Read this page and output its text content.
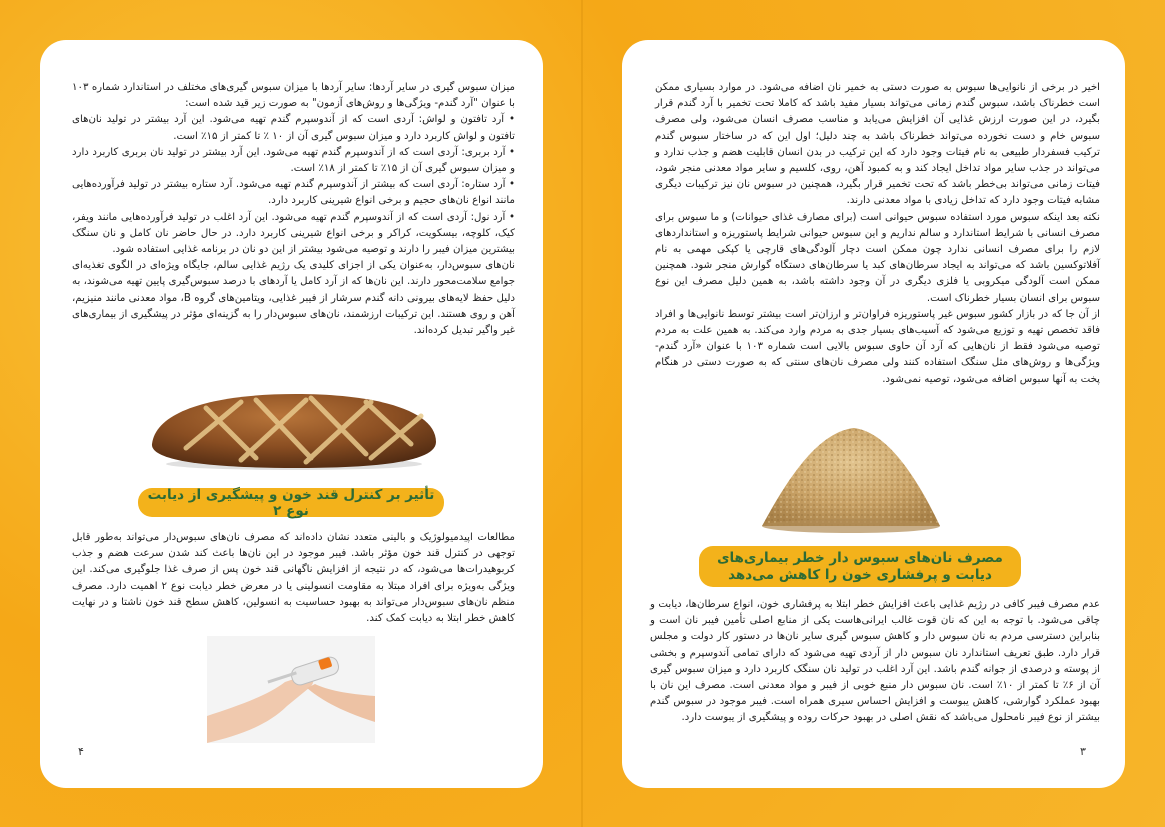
اخیر در برخی از نانوایی‌ها سبوس به صورت دستی به خمیر نان اضافه می‌شود. در موارد بسیاری ممکن است خطرناک باشد، سبوس گندم زمانی می‌تواند بسیار مفید باشد که کاملا تحت تخمیر با آرد گندم قرار بگیرد، در این صورت ارزش غذایی آن افزایش می‌یابد و مناسب مصرف انسان می‌شود، ولی مصرف سبوس خام و دست نخورده می‌تواند خطرناک باشد به چند دلیل؛ اول این که در ساختار سبوس گندم ترکیب فسفردار طبیعی به نام فیتات وجود دارد که این ترکیب در بدن انسان قابلیت هضم و جذب ندارد و می‌تواند در جذب سایر مواد تداخل ایجاد کند و به کمبود آهن، روی، کلسیم و سایر مواد معدنی منجر شود، فیتات زمانی می‌تواند بی‌خطر باشد که تحت تخمیر قرار بگیرد، همچنین در سبوس نان نیز ترکیبات دیگری مشابه فیتات وجود دارد که تداخل زیادی با مواد معدنی دارند.

نکته بعد اینکه سبوس مورد استفاده سبوس حیوانی است (برای مصارف غذای حیوانات) و ما سبوس برای مصرف انسانی با شرایط استاندارد و سالم نداریم و این سبوس حیوانی شرایط پاستوریزه و استانداردهای لازم را برای مصرف انسانی ندارد چون ممکن است دچار آلودگی‌های قارچی یا کپکی مهمی به نام آفلاتوکسین باشد که می‌تواند به ایجاد سرطان‌های کبد یا سرطان‌های دستگاه گوارش منجر شود. همچنین ممکن است آلودگی میکروبی یا فلزی دیگری در آن وجود داشته باشد، به همین دلیل مصرف این نوع سبوس برای انسان بسیار خطرناک است.

از آن جا که در بازار کشور سبوس غیر پاستوریزه فراوان‌تر و ارزان‌تر است بیشتر توسط نانوایی‌ها و افراد فاقد تخصص تهیه و توزیع می‌شود که آسیب‌های بسیار جدی به مردم وارد می‌کند. به همین علت به مردم توصیه می‌شود فقط از نان‌هایی که آرد آن حاوی سبوس بالایی است شماره ۱۰۳ با عنوان «آرد گندم- ویژگی‌ها و روش‌های مثل سنگک استفاده کنند ولی مصرف نان‌های سنتی که به صورت دستی در هنگام پخت به آنها سبوس اضافه می‌شود، توصیه نمی‌شود.

مصرف نان‌های سبوس دار خطر بیماری‌های دیابت و پرفشاری خون را کاهش می‌دهد
عدم مصرف فیبر کافی در رژیم غذایی باعث افزایش خطر ابتلا به پرفشاری خون، انواع سرطان‌ها، دیابت و چاقی می‌شود. با توجه به این که نان قوت غالب ایرانی‌هاست یکی از منابع اصلی تأمین فیبر نان است و بنابراین دسترسی مردم به نان سبوس دار و کاهش سبوس گیری سایر نان‌ها در دستور کار دولت و مجلس قرار دارد. طبق تعریف استاندارد نان سبوس دار از آردی تهیه می‌شود که دارای تمامی آندوسپرم و بخشی از پوسته و درصدی از جوانه گندم باشد. این آرد اغلب در تولید نان سنگک کاربرد دارد و میزان سبوس گیری آن از ۶٪ تا کمتر از ۱۰٪ است. نان سبوس دار منبع خوبی از فیبر و مواد معدنی است. مصرف این نان با بهبود عملکرد گوارشی، کاهش یبوست و افزایش احساس سیری همراه است. فیبر موجود در سبوس گندم بیشتر از نوع فیبر نامحلول می‌باشد که نقش اصلی در بهبود حرکات روده و پیشگیری از یبوست دارد.
۳

میزان سبوس گیری در سایر آردها: سایر آردها با میزان سبوس گیری‌های مختلف در استاندارد شماره ۱۰۳ با عنوان "آرد گندم- ویژگی‌ها و روش‌های آزمون" به صورت زیر قید شده است:

• آرد تافتون و لواش: آردی است که از آندوسپرم گندم تهیه می‌شود. این آرد بیشتر در تولید نان‌های تافتون و لواش کاربرد دارد و میزان سبوس گیری آن از ۱۰ ٪ تا کمتر از ۱۵٪ است.
• آرد بربری: آردی است که از آندوسپرم گندم تهیه می‌شود. این آرد بیشتر در تولید نان بربری کاربرد دارد و میزان سبوس گیری آن از ۱۵٪ تا کمتر از ۱۸٪ است.
• آرد ستاره: آردی است که بیشتر از آندوسپرم گندم تهیه می‌شود. آرد ستاره بیشتر در تولید فرآورده‌هایی مانند انواع نان‌های حجیم و برخی انواع شیرینی کاربرد دارد.
• آرد نول: آردی است که از آندوسپرم گندم تهیه می‌شود. این آرد اغلب در تولید فرآورده‌هایی مانند ویفر، کیک، کلوچه، بیسکویت، کراکر و برخی انواع شیرینی کاربرد دارد. در حال حاضر نان کامل و نان سنگک بیشترین میزان فیبر را دارند و توصیه می‌شود بیشتر از این دو نان در برنامه غذایی استفاده شود.

نان‌های سبوس‌دار، به‌عنوان یکی از اجزای کلیدی یک رژیم غذایی سالم، جایگاه ویژه‌ای در الگوی تغذیه‌ای جوامع سلامت‌محور دارند. این نان‌ها که از آرد کامل یا آردهای با درصد سبوس‌گیری پایین تهیه می‌شوند، به دلیل حفظ لایه‌های بیرونی دانه گندم سرشار از فیبر غذایی، ویتامین‌های گروه B، مواد معدنی مانند منیزیم، آهن و روی هستند. این ترکیبات ارزشمند، نان‌های سبوس‌دار را به گزینه‌ای مؤثر در پیشگیری از بیماری‌های غیر واگیر تبدیل کرده‌اند.

تأثیر بر کنترل قند خون و پیشگیری از دیابت نوع ۲
مطالعات اپیدمیولوژیک و بالینی متعدد نشان داده‌اند که مصرف نان‌های سبوس‌دار می‌تواند به‌طور قابل توجهی در کنترل قند خون مؤثر باشد. فیبر موجود در این نان‌ها باعث کند شدن سرعت هضم و جذب کربوهیدرات‌ها می‌شود، که در نتیجه از افزایش ناگهانی قند خون پس از صرف غذا جلوگیری می‌کند. این ویژگی به‌ویژه برای افراد مبتلا به مقاومت انسولینی یا در معرض خطر دیابت نوع ۲ اهمیت دارد. مصرف منظم نان‌های سبوس‌دار می‌تواند به بهبود حساسیت به انسولین، کاهش سطح قند خون ناشتا و در نهایت کاهش خطر ابتلا به دیابت کمک کند.
۴
